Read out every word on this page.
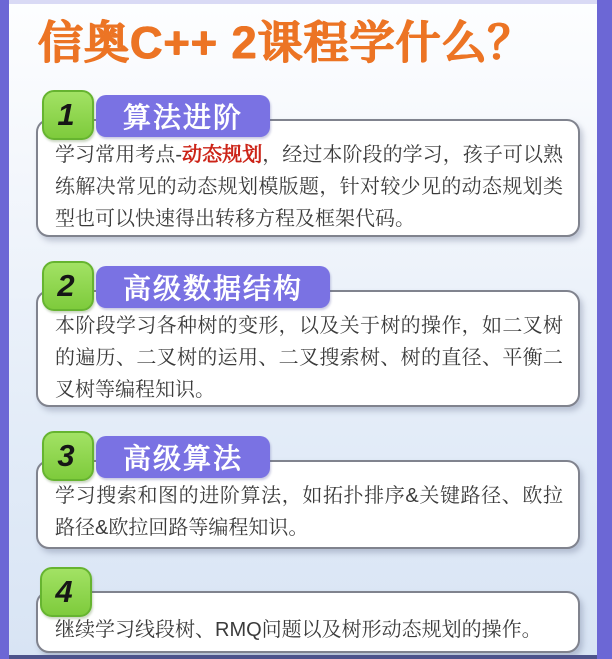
信奥C++ 2课程学什么？

学习常用考点-动态规划，经过本阶段的学习，孩子可以熟练解决常见的动态规划模版题，针对较少见的动态规划类型也可以快速得出转移方程及框架代码。

1	算法进阶

本阶段学习各种树的变形，以及关于树的操作，如二叉树的遍历、二叉树的运用、二叉搜索树、树的直径、平衡二叉树等编程知识。

2	高级数据结构

学习搜索和图的进阶算法，如拓扑排序&关键路径、欧拉路径&欧拉回路等编程知识。

3	高级算法

继续学习线段树、RMQ问题以及树形动态规划的操作。

4
